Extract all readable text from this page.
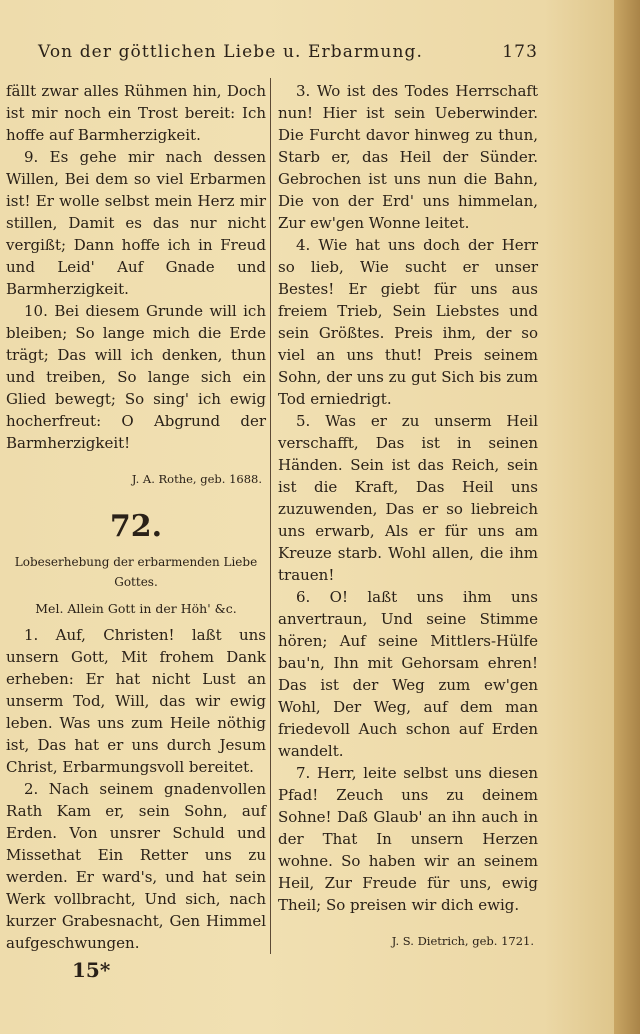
Von der göttlichen Liebe u. Erbarmung.	173

fällt zwar alles Rühmen hin, Doch ist mir noch ein Trost bereit: Ich hoffe auf Barmherzigkeit.

9. Es gehe mir nach dessen Willen, Bei dem so viel Erbarmen ist! Er wolle selbst mein Herz mir stillen, Damit es das nur nicht vergißt; Dann hoffe ich in Freud und Leid' Auf Gnade und Barmherzigkeit.

10. Bei diesem Grunde will ich bleiben; So lange mich die Erde trägt; Das will ich denken, thun und treiben, So lange sich ein Glied bewegt; So sing' ich ewig hocherfreut: O Abgrund der Barmherzigkeit!

J. A. Rothe, geb. 1688.
72.
Lobeserhebung der erbarmenden Liebe Gottes.
Mel. Allein Gott in der Höh' &c.

1. Auf, Christen! laßt uns unsern Gott, Mit frohem Dank erheben: Er hat nicht Lust an unserm Tod, Will, das wir ewig leben. Was uns zum Heile nöthig ist, Das hat er uns durch Jesum Christ, Erbarmungsvoll bereitet.

2. Nach seinem gnadenvollen Rath Kam er, sein Sohn, auf Erden. Von unsrer Schuld und Missethat Ein Retter uns zu werden. Er ward's, und hat sein Werk vollbracht, Und sich, nach kurzer Grabesnacht, Gen Himmel aufgeschwungen.

3. Wo ist des Todes Herrschaft nun! Hier ist sein Ueberwinder. Die Furcht davor hinweg zu thun, Starb er, das Heil der Sünder. Gebrochen ist uns nun die Bahn, Die von der Erd' uns himmelan, Zur ew'gen Wonne leitet.

4. Wie hat uns doch der Herr so lieb, Wie sucht er unser Bestes! Er giebt für uns aus freiem Trieb, Sein Liebstes und sein Größtes. Preis ihm, der so viel an uns thut! Preis seinem Sohn, der uns zu gut Sich bis zum Tod erniedrigt.

5. Was er zu unserm Heil verschafft, Das ist in seinen Händen. Sein ist das Reich, sein ist die Kraft, Das Heil uns zuzuwenden, Das er so liebreich uns erwarb, Als er für uns am Kreuze starb. Wohl allen, die ihm trauen!

6. O! laßt uns ihm uns anvertraun, Und seine Stimme hören; Auf seine Mittlers-Hülfe bau'n, Ihn mit Gehorsam ehren! Das ist der Weg zum ew'gen Wohl, Der Weg, auf dem man friedevoll Auch schon auf Erden wandelt.

7. Herr, leite selbst uns diesen Pfad! Zeuch uns zu deinem Sohne! Daß Glaub' an ihn auch in der That In unsern Herzen wohne. So haben wir an seinem Heil, Zur Freude für uns, ewig Theil; So preisen wir dich ewig.

J. S. Dietrich, geb. 1721.
15*
